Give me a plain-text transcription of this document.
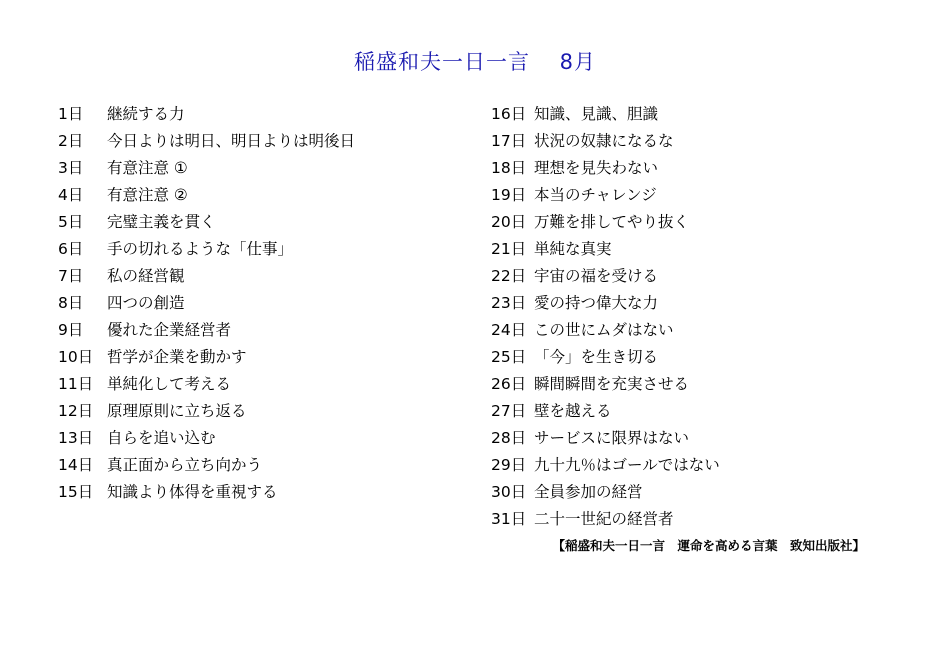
稲盛和夫一日一言　 8月
1日	継続する力
2日	今日よりは明日、明日よりは明後日
3日	有意注意 ①
4日	有意注意 ②
5日	完璧主義を貫く
6日	手の切れるような「仕事」
7日	私の経営観
8日	四つの創造
9日	優れた企業経営者
10日 哲学が企業を動かす
11日 単純化して考える
12日 原理原則に立ち返る
13日 自らを追い込む
14日 真正面から立ち向かう
15日 知識より体得を重視する
16日 知識、見識、胆識
17日 状況の奴隷になるな
18日 理想を見失わない
19日 本当のチャレンジ
20日 万難を排してやり抜く
21日 単純な真実
22日 宇宙の福を受ける
23日 愛の持つ偉大な力
24日 この世にムダはない
25日 「今」を生き切る
26日 瞬間瞬間を充実させる
27日 壁を越える
28日 サービスに限界はない
29日 九十九％はゴールではない
30日 全員参加の経営
31日 二十一世紀の経営者
【稲盛和夫一日一言　運命を高める言葉　致知出版社】
